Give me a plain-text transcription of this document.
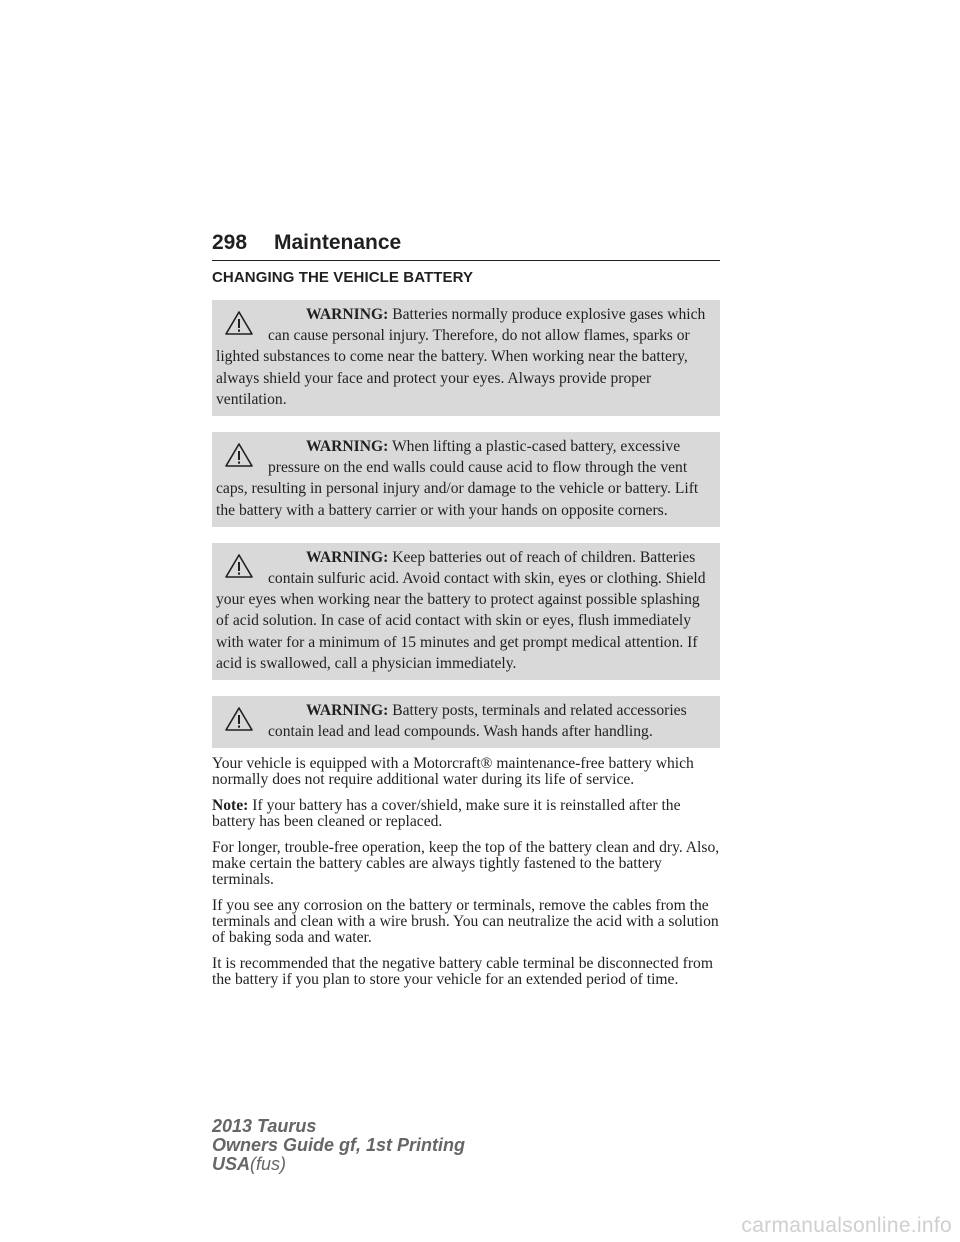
298 Maintenance
CHANGING THE VEHICLE BATTERY
WARNING: Batteries normally produce explosive gases which can cause personal injury. Therefore, do not allow flames, sparks or lighted substances to come near the battery. When working near the battery, always shield your face and protect your eyes. Always provide proper ventilation.
WARNING: When lifting a plastic-cased battery, excessive pressure on the end walls could cause acid to flow through the vent caps, resulting in personal injury and/or damage to the vehicle or battery. Lift the battery with a battery carrier or with your hands on opposite corners.
WARNING: Keep batteries out of reach of children. Batteries contain sulfuric acid. Avoid contact with skin, eyes or clothing. Shield your eyes when working near the battery to protect against possible splashing of acid solution. In case of acid contact with skin or eyes, flush immediately with water for a minimum of 15 minutes and get prompt medical attention. If acid is swallowed, call a physician immediately.
WARNING: Battery posts, terminals and related accessories contain lead and lead compounds. Wash hands after handling.

Your vehicle is equipped with a Motorcraft® maintenance-free battery which normally does not require additional water during its life of service.

Note: If your battery has a cover/shield, make sure it is reinstalled after the battery has been cleaned or replaced.

For longer, trouble-free operation, keep the top of the battery clean and dry. Also, make certain the battery cables are always tightly fastened to the battery terminals.

If you see any corrosion on the battery or terminals, remove the cables from the terminals and clean with a wire brush. You can neutralize the acid with a solution of baking soda and water.

It is recommended that the negative battery cable terminal be disconnected from the battery if you plan to store your vehicle for an extended period of time.

2013 Taurus
Owners Guide gf, 1st Printing
USA(fus)
carmanualsonline.info
